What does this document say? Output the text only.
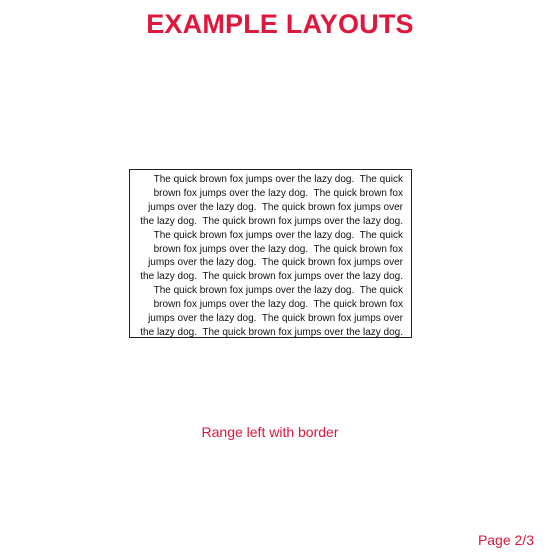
EXAMPLE LAYOUTS
The quick brown fox jumps over the lazy dog.  The quick
brown fox jumps over the lazy dog.  The quick brown fox
jumps over the lazy dog.  The quick brown fox jumps over
the lazy dog.  The quick brown fox jumps over the lazy dog.
The quick brown fox jumps over the lazy dog.  The quick
brown fox jumps over the lazy dog.  The quick brown fox
jumps over the lazy dog.  The quick brown fox jumps over
the lazy dog.  The quick brown fox jumps over the lazy dog.
The quick brown fox jumps over the lazy dog.  The quick
brown fox jumps over the lazy dog.  The quick brown fox
jumps over the lazy dog.  The quick brown fox jumps over
the lazy dog.  The quick brown fox jumps over the lazy dog.
Range left with border
Page 2/3
